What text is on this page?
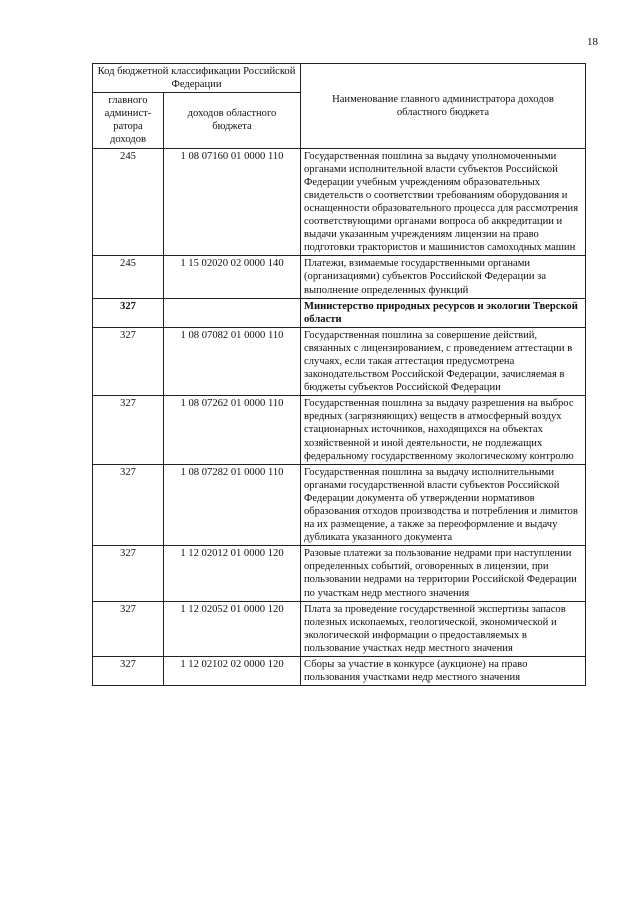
18
Код бюджетной классификации Российской Федерации		Наименование главного администратора доходов областного бюджета
главного админист- ратора доходов	доходов областного бюджета	
245	1 08 07160 01 0000 110	Государственная пошлина за выдачу уполномоченными органами исполнительной власти субъектов Российской Федерации учебным учреждениям образовательных свидетельств о соответствии требованиям оборудования и оснащенности образовательного процесса для рассмотрения соответствующими органами вопроса об аккредитации и выдачи указанным учреждениям лицензии на право подготовки трактористов и машинистов самоходных машин
245	1 15 02020 02 0000 140	Платежи, взимаемые государственными органами (организациями) субъектов Российской Федерации за выполнение определенных функций
327		Министерство природных ресурсов и экологии Тверской области
327	1 08 07082 01 0000 110	Государственная пошлина за совершение действий, связанных с лицензированием, с проведением аттестации в случаях, если такая аттестация предусмотрена законодательством Российской Федерации, зачисляемая в бюджеты субъектов Российской Федерации
327	1 08 07262 01 0000 110	Государственная пошлина за выдачу разрешения на выброс вредных (загрязняющих) веществ в атмосферный воздух стационарных источников, находящихся на объектах хозяйственной и иной деятельности, не подлежащих федеральному государственному экологическому контролю
327	1 08 07282 01 0000 110	Государственная пошлина за выдачу исполнительными органами государственной власти субъектов Российской Федерации документа об утверждении нормативов образования отходов производства и потребления и лимитов на их размещение, а также за переоформление и выдачу дубликата указанного документа
327	1 12 02012 01 0000 120	Разовые платежи за пользование недрами при наступлении определенных событий, оговоренных в лицензии, при пользовании недрами на территории Российской Федерации по участкам недр местного значения
327	1 12 02052 01 0000 120	Плата за проведение государственной экспертизы запасов полезных ископаемых, геологической, экономической и экологической информации о предоставляемых в пользование участках недр местного значения
327	1 12 02102 02 0000 120	Сборы за участие в конкурсе (аукционе) на право пользования участками недр местного значения
